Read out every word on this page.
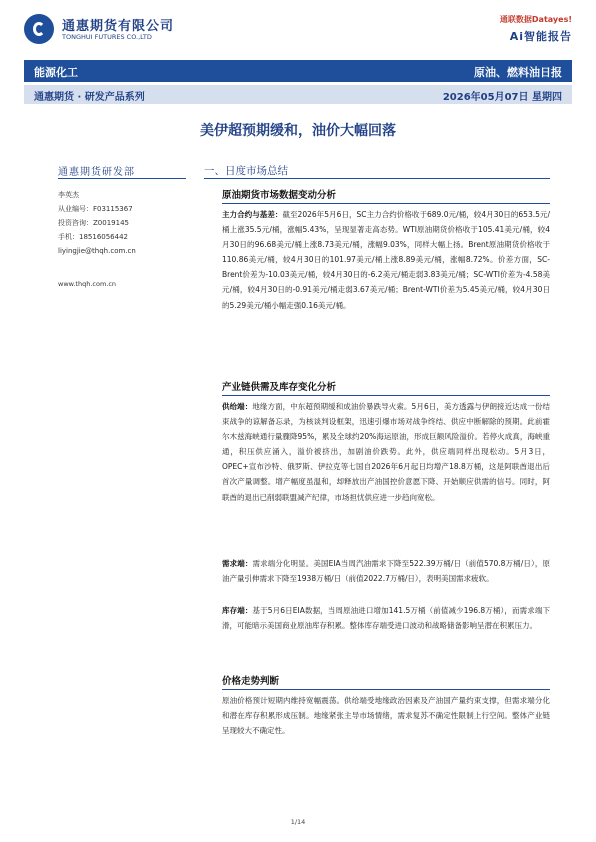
通惠期货有限公司
TONGHUI FUTURES CO.,LTD
通联数据Datayes!
Ai智能报告
能源化工	原油、燃料油日报
通惠期货 · 研发产品系列	2026年05月07日 星期四
美伊超预期缓和，油价大幅回落
通惠期货研发部
李英杰
从业编号：F03115367
投资咨询：Z0019145
手机：18516056442
liyingjie@thqh.com.cn
www.thqh.com.cn
一、日度市场总结
原油期货市场数据变动分析
主力合约与基差：截至2026年5月6日，SC主力合约价格收于689.0元/桶，较4月30日的653.5元/桶上涨35.5元/桶，涨幅5.43%，呈现显著走高态势。WTI原油期货价格收于105.41美元/桶，较4月30日的96.68美元/桶上涨8.73美元/桶，涨幅9.03%，同样大幅上扬。Brent原油期货价格收于110.86美元/桶，较4月30日的101.97美元/桶上涨8.89美元/桶，涨幅8.72%。价差方面，SC-Brent价差为-10.03美元/桶，较4月30日的-6.2美元/桶走弱3.83美元/桶；SC-WTI价差为-4.58美元/桶，较4月30日的-0.91美元/桶走弱3.67美元/桶；Brent-WTI价差为5.45美元/桶，较4月30日的5.29美元/桶小幅走强0.16美元/桶。
产业链供需及库存变化分析
供给端：地缘方面，中东超预期缓和成油价暴跌导火索。5月6日，美方透露与伊朗接近达成一份结束战争的谅解备忘录，为核谈判设框架，迅速引爆市场对战争终结、供应中断解除的预期。此前霍尔木兹海峡通行量骤降95%，累及全球约20%海运原油，形成巨额风险溢价。若停火成真，海峡重通，积压供应涌入，溢价被挤出，加剧油价跌势。此外，供应端同样出现松动。5月3日，OPEC+宣布沙特、俄罗斯、伊拉克等七国自2026年6月起日均增产18.8万桶，这是阿联酋退出后首次产量调整。增产幅度虽温和，却释放出产油国控价意愿下降、开始顺应供需的信号。同时，阿联酋的退出已削弱联盟减产纪律，市场担忧供应进一步趋向宽松。
需求端：需求端分化明显。美国EIA当周汽油需求下降至522.39万桶/日（前值570.8万桶/日），原油产量引伸需求下降至1938万桶/日（前值2022.7万桶/日），表明美国需求疲软。
库存端：基于5月6日EIA数据，当周原油进口增加141.5万桶（前值减少196.8万桶），而需求端下滑，可能暗示美国商业原油库存积累。整体库存端受进口波动和战略储备影响呈潜在积累压力。
价格走势判断
原油价格预计短期内维持宽幅震荡。供给端受地缘政治因素及产油国产量约束支撑，但需求端分化和潜在库存积累形成压制。地缘紧张主导市场情绪，需求复苏不确定性限制上行空间。整体产业链呈现较大不确定性。
1/14
